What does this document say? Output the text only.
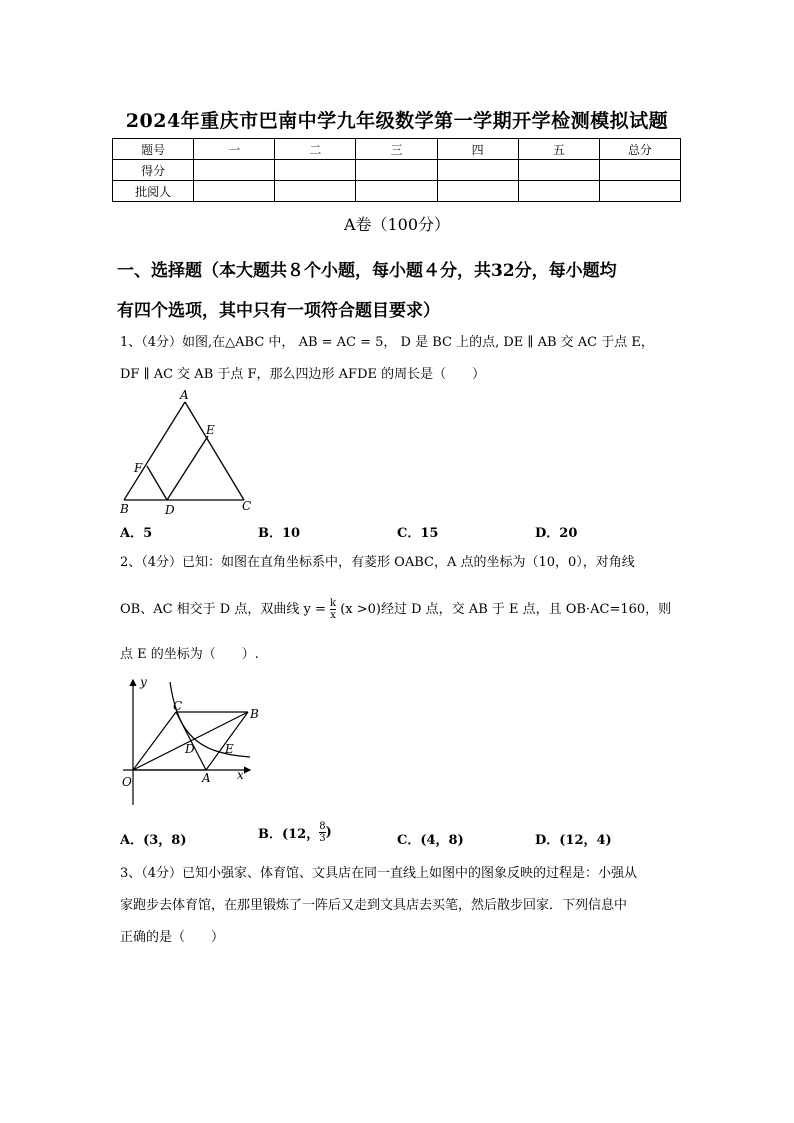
2024年重庆市巴南中学九年级数学第一学期开学检测模拟试题
题号	一	二	三	四	五	总分
得分						
批阅人						
A卷（100分）
一、选择题（本大题共８个小题，每小题４分，共32分，每小题均
有四个选项，其中只有一项符合题目要求）
1、（4分）如图,在△ABC 中， AB = AC = 5， D 是 BC 上的点, DE ∥ AB 交 AC 于点 E，
DF ∥ AC 交 AB 于点 F，那么四边形 AFDE 的周长是（　　）
A
E
F
B	D	C
A．5	B．10	C．15	D．20
2、（4分）已知：如图在直角坐标系中，有菱形 OABC，A 点的坐标为（10，0），对角线
OB、AC 相交于 D 点，双曲线 $y = \frac{k}{x} (x >0)$经过 D 点，交 AB 于 E 点，且 OB·AC=160，则
点 E 的坐标为（　　）.
y
x
O	A
B
C
D	E
A．(3，8)	B．(12， $\frac{8}{3}$ )
C．(4，8)	D．(12，4)
3、（4分）已知小强家、体育馆、文具店在同一直线上如图中的图象反映的过程是：小强从
家跑步去体育馆，在那里锻炼了一阵后又走到文具店去买笔，然后散步回家．下列信息中
正确的是（　　）
